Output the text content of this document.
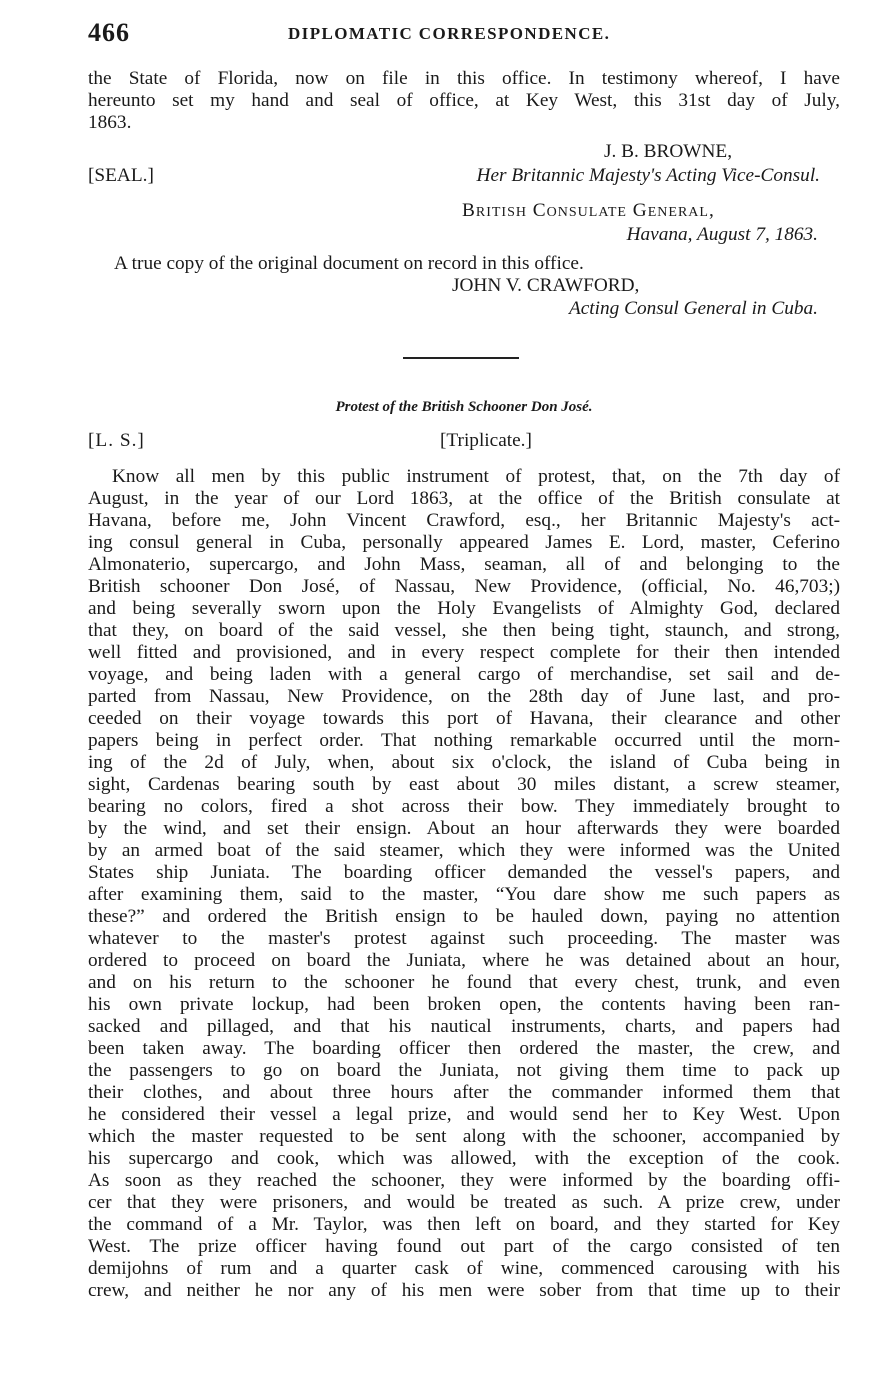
466	DIPLOMATIC CORRESPONDENCE.
the State of Florida, now on file in this office. In testimony whereof, I have
hereunto set my hand and seal of office, at Key West, this 31st day of July,
1863.
J. B. BROWNE,
[SEAL.]	Her Britannic Majesty's Acting Vice-Consul.
British Consulate General,
Havana, August 7, 1863.
A true copy of the original document on record in this office.
JOHN V. CRAWFORD,
Acting Consul General in Cuba.
Protest of the British Schooner Don José.
[L. S.]	[Triplicate.]
Know all men by this public instrument of protest, that, on the 7th day of
August, in the year of our Lord 1863, at the office of the British consulate at
Havana, before me, John Vincent Crawford, esq., her Britannic Majesty's act-
ing consul general in Cuba, personally appeared James E. Lord, master, Ceferino
Almonaterio, supercargo, and John Mass, seaman, all of and belonging to the
British schooner Don José, of Nassau, New Providence, (official, No. 46,703;)
and being severally sworn upon the Holy Evangelists of Almighty God, declared
that they, on board of the said vessel, she then being tight, staunch, and strong,
well fitted and provisioned, and in every respect complete for their then intended
voyage, and being laden with a general cargo of merchandise, set sail and de-
parted from Nassau, New Providence, on the 28th day of June last, and pro-
ceeded on their voyage towards this port of Havana, their clearance and other
papers being in perfect order. That nothing remarkable occurred until the morn-
ing of the 2d of July, when, about six o'clock, the island of Cuba being in
sight, Cardenas bearing south by east about 30 miles distant, a screw steamer,
bearing no colors, fired a shot across their bow. They immediately brought to
by the wind, and set their ensign. About an hour afterwards they were boarded
by an armed boat of the said steamer, which they were informed was the United
States ship Juniata. The boarding officer demanded the vessel's papers, and
after examining them, said to the master, “You dare show me such papers as
these?” and ordered the British ensign to be hauled down, paying no attention
whatever to the master's protest against such proceeding. The master was
ordered to proceed on board the Juniata, where he was detained about an hour,
and on his return to the schooner he found that every chest, trunk, and even
his own private lockup, had been broken open, the contents having been ran-
sacked and pillaged, and that his nautical instruments, charts, and papers had
been taken away. The boarding officer then ordered the master, the crew, and
the passengers to go on board the Juniata, not giving them time to pack up
their clothes, and about three hours after the commander informed them that
he considered their vessel a legal prize, and would send her to Key West. Upon
which the master requested to be sent along with the schooner, accompanied by
his supercargo and cook, which was allowed, with the exception of the cook.
As soon as they reached the schooner, they were informed by the boarding offi-
cer that they were prisoners, and would be treated as such. A prize crew, under
the command of a Mr. Taylor, was then left on board, and they started for Key
West. The prize officer having found out part of the cargo consisted of ten
demijohns of rum and a quarter cask of wine, commenced carousing with his
crew, and neither he nor any of his men were sober from that time up to their
